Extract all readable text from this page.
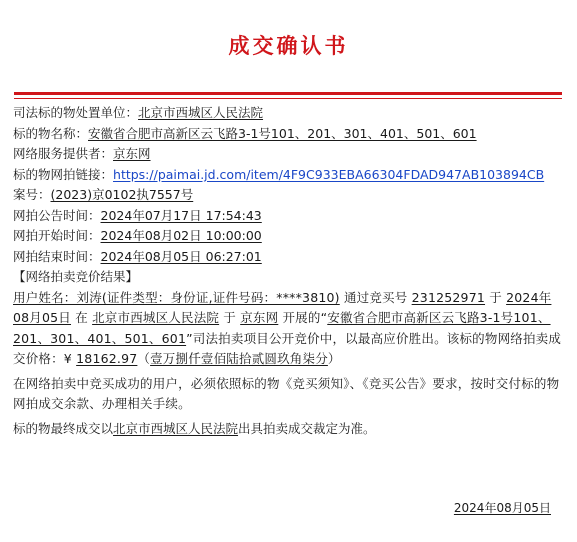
成交确认书
司法标的物处置单位：北京市西城区人民法院
标的物名称：安徽省合肥市高新区云飞路3-1号101、201、301、401、501、601
网络服务提供者：京东网
标的物网拍链接：https://paimai.jd.com/item/4F9C933EBA66304FDAD947AB103894CB
案号：(2023)京0102执7557号
网拍公告时间：2024年07月17日 17:54:43
网拍开始时间：2024年08月02日 10:00:00
网拍结束时间：2024年08月05日 06:27:01
【网络拍卖竞价结果】
用户姓名：刘涛(证件类型：身份证,证件号码：****3810) 通过竞买号 231252971 于 2024年08月05日 在 北京市西城区人民法院 于 京东网 开展的“安徽省合肥市高新区云飞路3-1号101、201、301、401、501、601”司法拍卖项目公开竞价中，以最高应价胜出。该标的物网络拍卖成交价格：¥ 18162.97（壹万捌仟壹佰陆拾贰圆玖角柒分）
在网络拍卖中竞买成功的用户，必须依照标的物《竞买须知》、《竞买公告》要求，按时交付标的物网拍成交余款、办理相关手续。
标的物最终成交以北京市西城区人民法院出具拍卖成交裁定为准。
2024年08月05日
